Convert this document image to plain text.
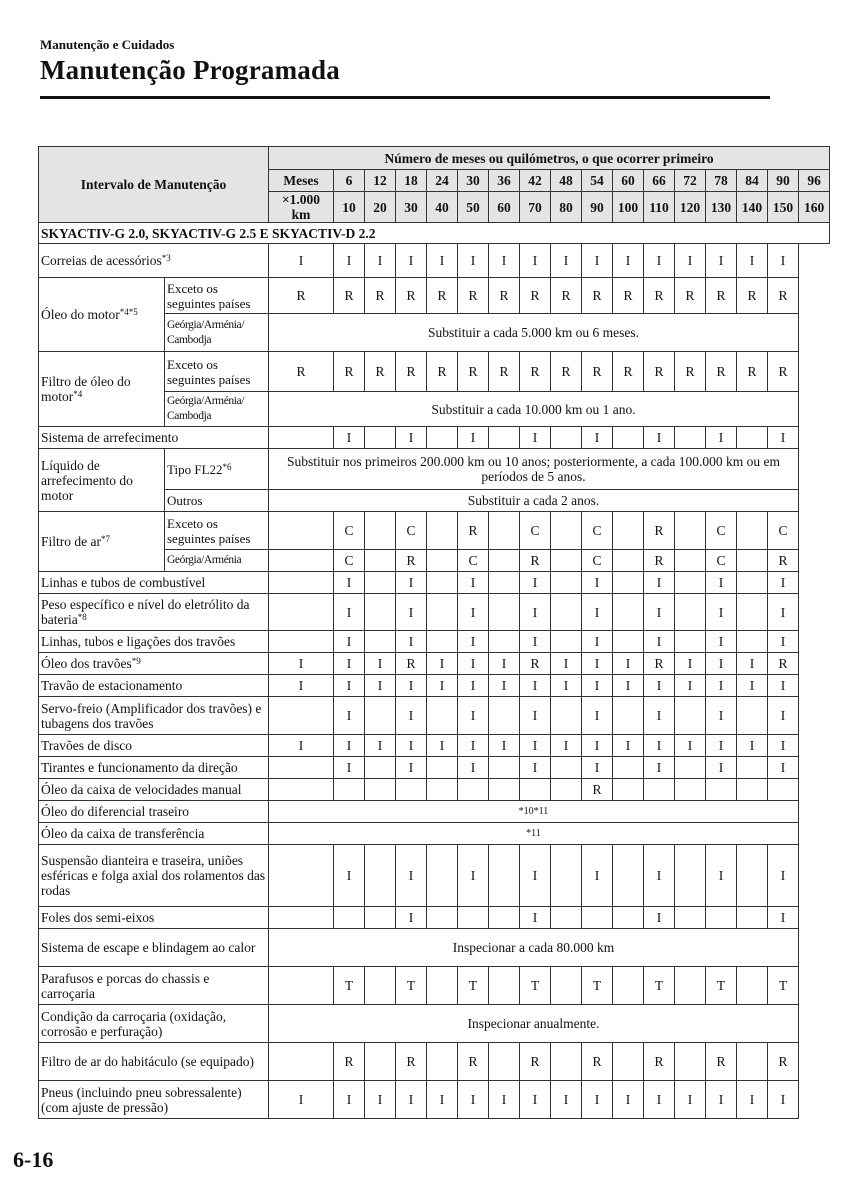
Manutenção e Cuidados
Manutenção Programada
Intervalo de Manutenção		Número de meses ou quilómetros, o que ocorrer primeiro																
		Meses	6	12	18	24	30	36	42	48	54	60	66	72	78	84	90	96
		×1.000 km	10	20	30	40	50	60	70	80	90	100	110	120	130	140	150	160
SKYACTIV-G 2.0, SKYACTIV-G 2.5 E SKYACTIV-D 2.2																		
Correias de acessórios$^{*3}$		I	I	I	I	I	I	I	I	I	I	I	I	I	I	I	I	
Óleo do motor$^{*4*5}$	Exceto os seguintes países	R	R	R	R	R	R	R	R	R	R	R	R	R	R	R	R	
	Geórgia/Arménia/ Cambodja	Substituir a cada 5.000 km ou 6 meses.																
Filtro de óleo do motor$^{*4}$	Exceto os seguintes países	R	R	R	R	R	R	R	R	R	R	R	R	R	R	R	R	
	Geórgia/Arménia/ Cambodja	Substituir a cada 10.000 km ou 1 ano.																
Sistema de arrefecimento			I		I		I		I		I		I		I		I	
Líquido de arrefecimento do motor	Tipo FL22$^{*6}$	Substituir nos primeiros 200.000 km ou 10 anos; posteriormente, a cada 100.000 km ou em períodos de 5 anos.																
	Outros	Substituir a cada 2 anos.																
Filtro de $ar^{*7}$	Exceto os seguintes países		C		C		R		C		C		R		C		C	
	Geórgia/Arménia		C		R		C		R		C		R		C		R	
Linhas e tubos de combustível			I		I		I		I		I		I		I		I	
Peso específico e nível do eletrólito da bateria$^{*8}$			I		I		I		I		I		I		I		I	
Linhas, tubos e ligações dos travões			I		I		I		I		I		I		I		I	
Óleo dos travões$^{*9}$		I	I	I	R	I	I	I	R	I	I	I	R	I	I	I	R	
Travão de estacionamento		I	I	I	I	I	I	I	I	I	I	I	I	I	I	I	I	
Servo-freio (Amplificador dos travões) e tubagens dos travões			I		I		I		I		I		I		I		I	
Travões de disco		I	I	I	I	I	I	I	I	I	I	I	I	I	I	I	I	
Tirantes e funcionamento da direção			I		I		I		I		I		I		I		I	
Óleo da caixa de velocidades manual											R							
Óleo do diferencial traseiro		*10*11																
Óleo da caixa de transferência		*11																
Suspensão dianteira e traseira, uniões esféricas e folga axial dos rolamentos das rodas			I		I		I		I		I		I		I		I	
Foles dos semi-eixos					I				I				I				I	
Sistema de escape e blindagem ao calor		Inspecionar a cada 80.000 km																
Parafusos e porcas do chassis e carroçaria			T		T		T		T		T		T		T		T	
Condição da carroçaria (oxidação, corrosão e perfuração)		Inspecionar anualmente.																
Filtro de ar do habitáculo (se equipado)			R		R		R		R		R		R		R		R	
Pneus (incluindo pneu sobressalente) (com ajuste de pressão)		I	I	I	I	I	I	I	I	I	I	I	I	I	I	I	I	
6-16
